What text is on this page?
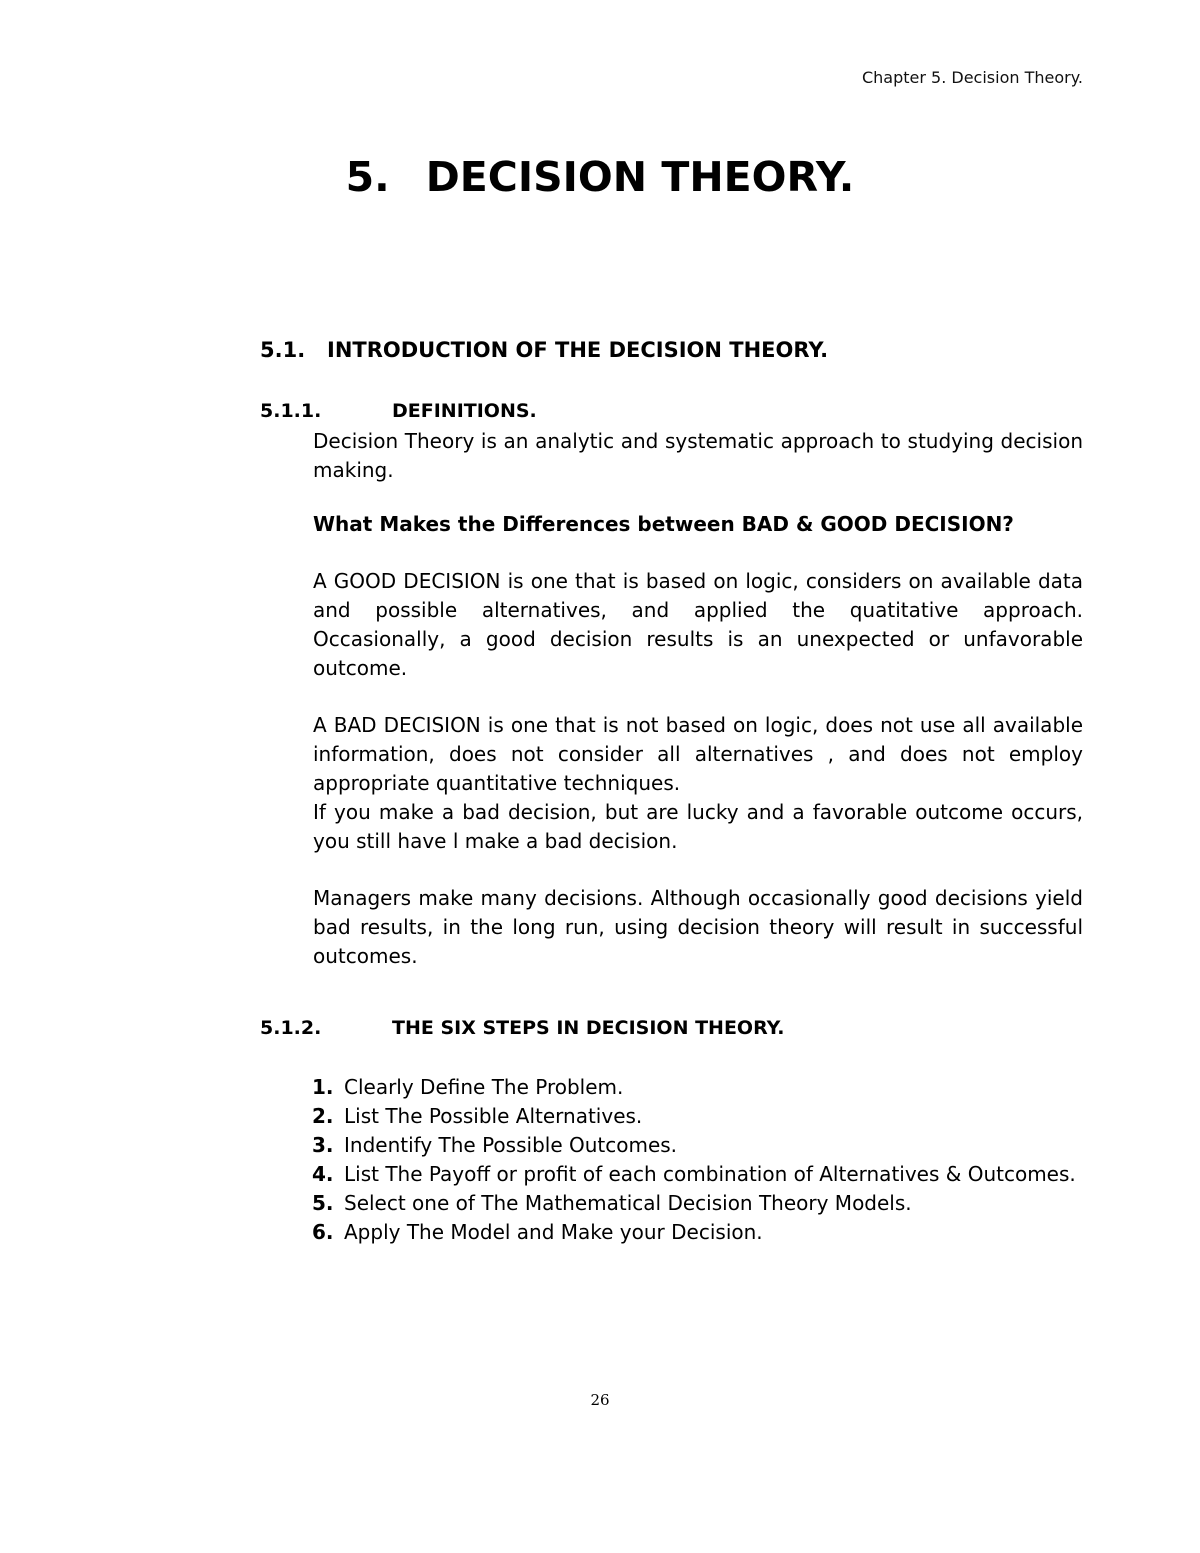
Chapter 5. Decision Theory.
5. DECISION THEORY.
5.1. INTRODUCTION OF THE DECISION THEORY.
5.1.1.	DEFINITIONS.

Decision Theory is an analytic and systematic approach to studying decision making.

What Makes the Differences between BAD & GOOD DECISION?

A GOOD DECISION is one that is based on logic, considers on available data and possible alternatives, and applied the quatitative approach. Occasionally, a good decision results is an unexpected or unfavorable outcome.

A BAD DECISION is one that is not based on logic, does not use all available information, does not consider all alternatives , and does not employ appropriate quantitative techniques.

If you make a bad decision, but are lucky and a favorable outcome occurs, you still have l make a bad decision.

Managers make many decisions. Although occasionally good decisions yield bad results, in the long run, using decision theory will result in successful outcomes.

5.1.2.	THE SIX STEPS IN DECISION THEORY.
1. Clearly Define The Problem.
2. List The Possible Alternatives.
3. Indentify The Possible Outcomes.
4. List The Payoff or profit of each combination of Alternatives & Outcomes.
5. Select one of The Mathematical Decision Theory Models.
6. Apply The Model and Make your Decision.
26
